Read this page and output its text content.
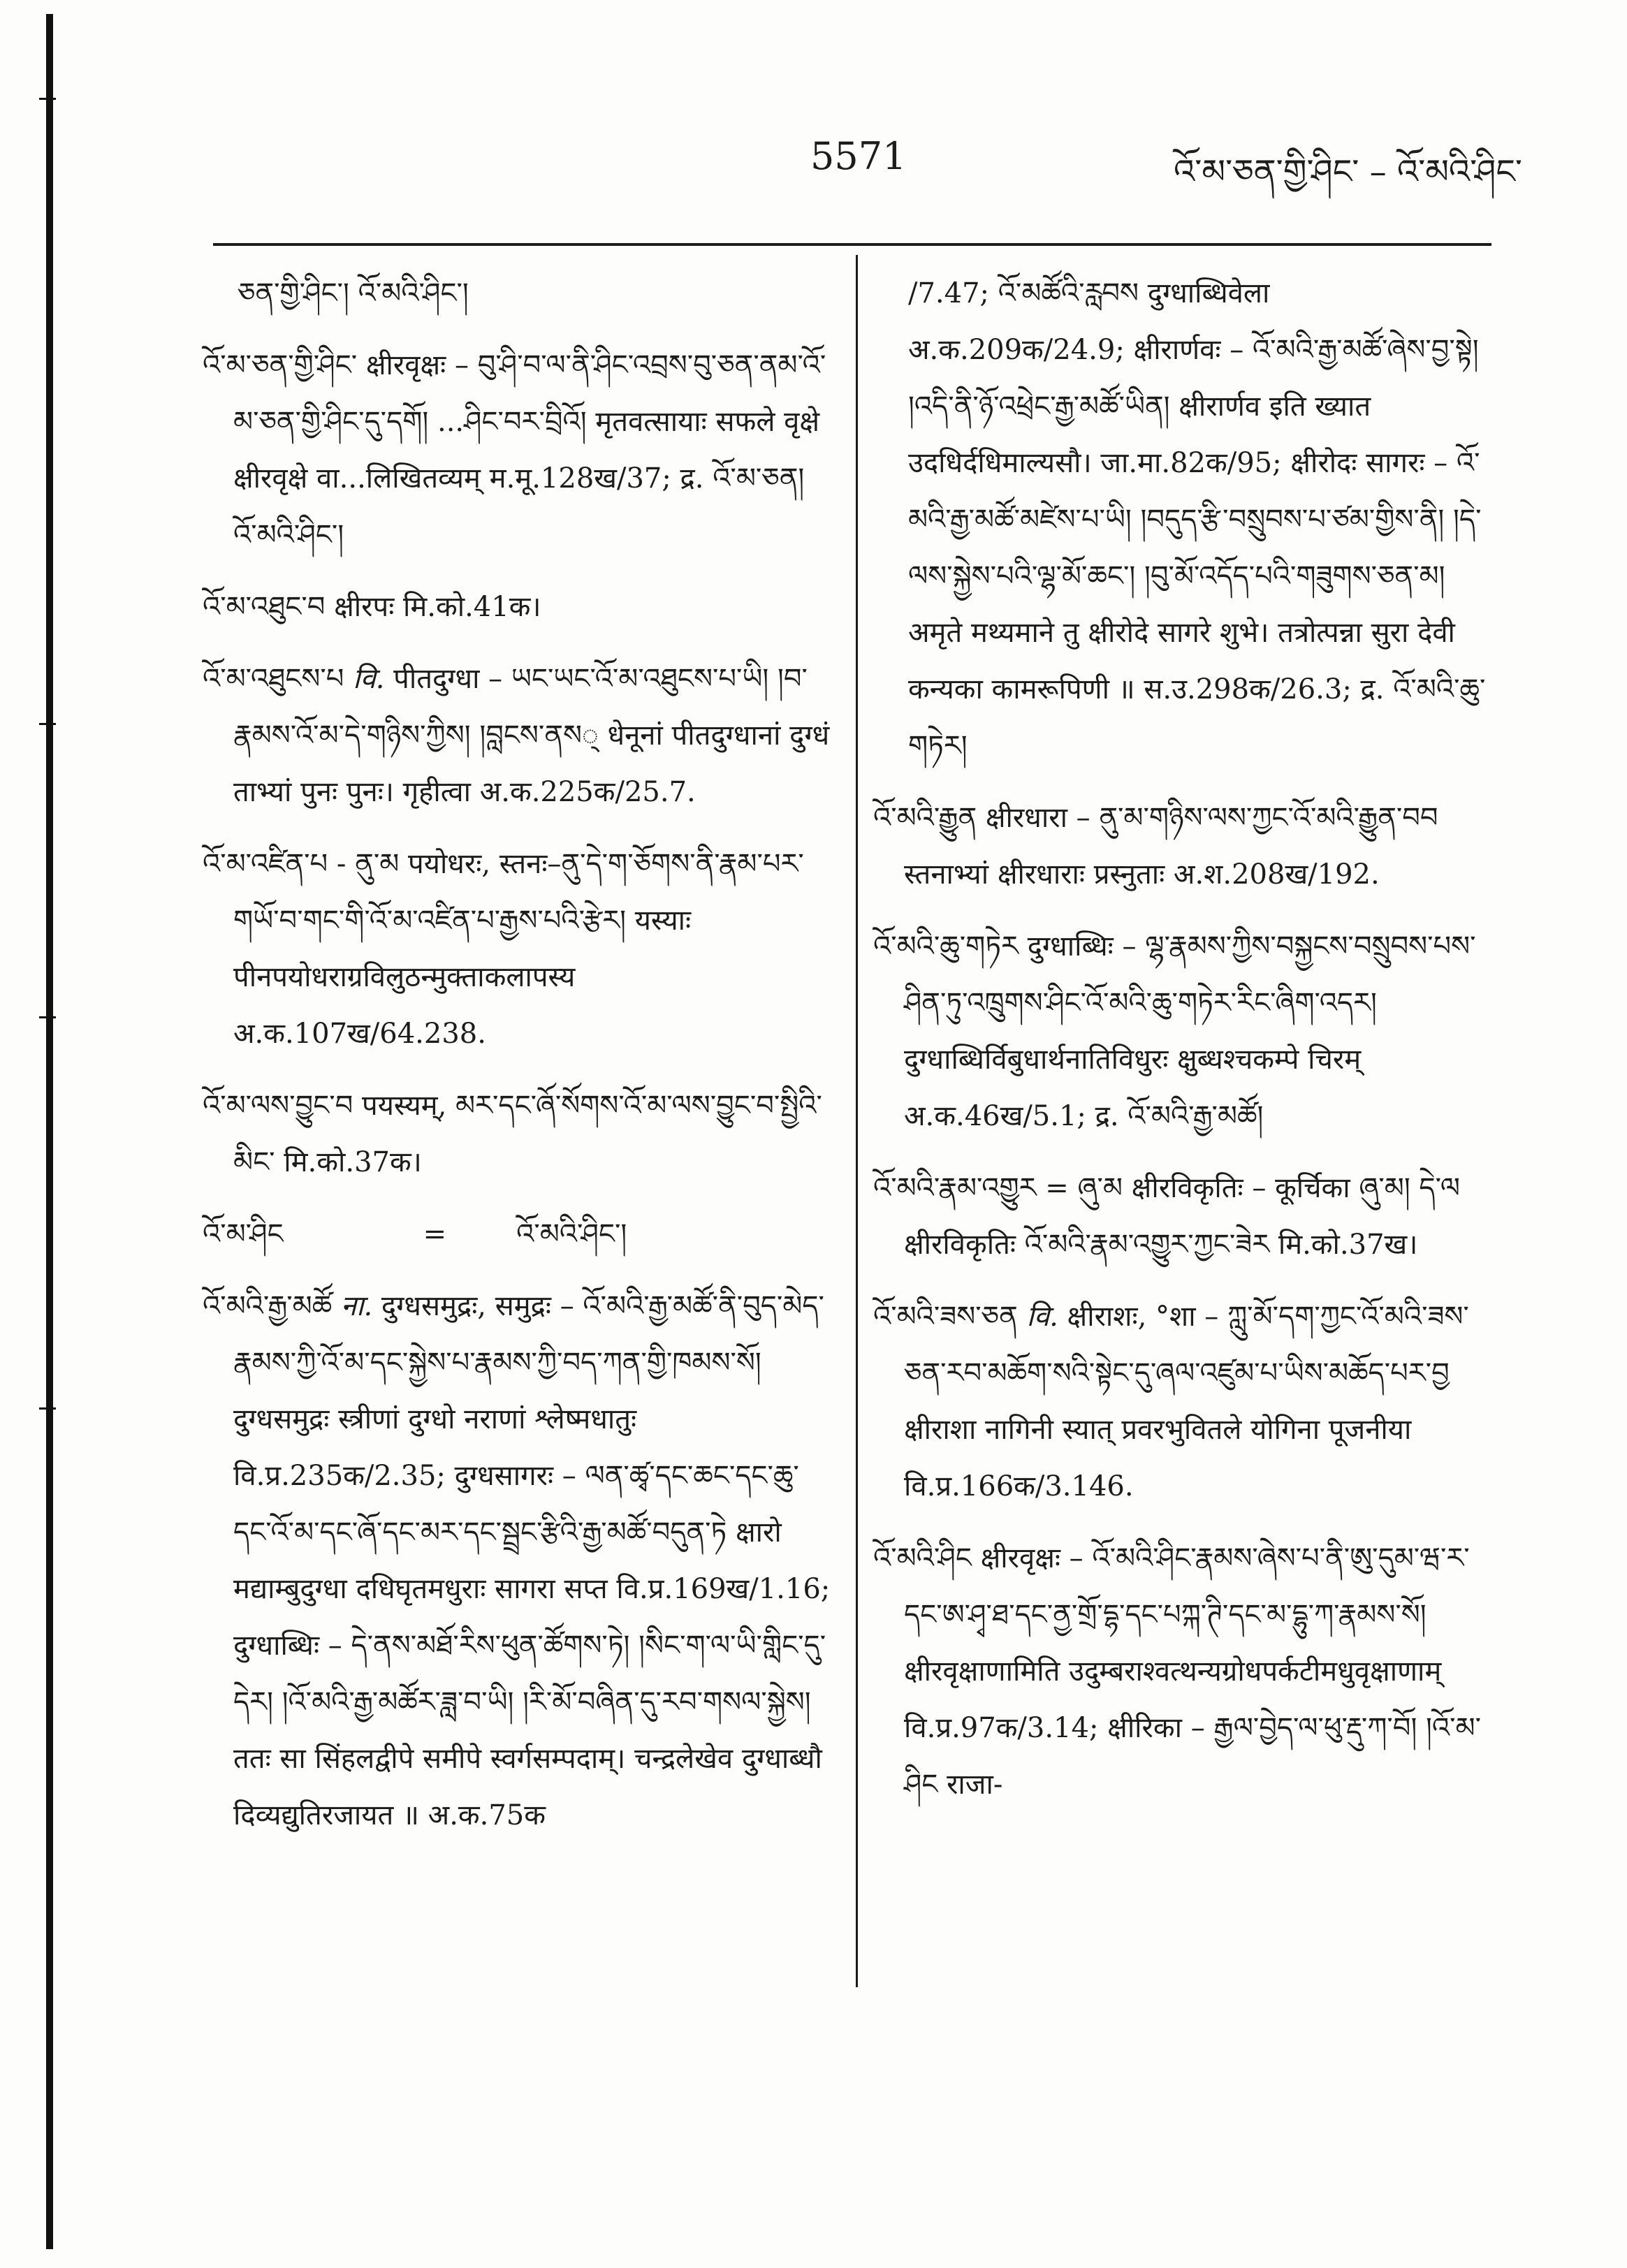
5571	འོ་མ་ཅན་གྱི་ཤིང་ – འོ་མའི་ཤིང་
ཅན་གྱི་ཤིང་། འོ་མའི་ཤིང་།
འོ་མ་ཅན་གྱི་ཤིང་ क्षीरवृक्षः – བུ་ཤི་བ་ལ་ནི་ཤིང་འབྲས་བུ་ཅན་ནམ་འོ་མ་ཅན་གྱི་ཤིང་དུ་དགོ། ...ཤིང་བར་བྲིའོ། मृतवत्सायाः सफले वृक्षे क्षीरवृक्षे वा...लिखितव्यम् म.मू.128ख/37; द्र. འོ་མ་ཅན། འོ་མའི་ཤིང་།
འོ་མ་འཐུང་བ क्षीरपः मि.को.41क।
འོ་མ་འཐུངས་པ वि. पीतदुग्धा – ཡང་ཡང་འོ་མ་འཐུངས་པ་ཡི། །བ་རྣམས་འོ་མ་དེ་གཉིས་ཀྱིས། །བླངས་ནས् धेनूनां पीतदुग्धानां दुग्धं ताभ्यां पुनः पुनः। गृहीत्वा अ.क.225क/25.7.
འོ་མ་འཛིན་པ - ནུ་མ पयोधरः, स्तनः–ནུ་དེ་ག་ཅོགས་ནི་རྣམ་པར་གཡོ་བ་གང་གི་འོ་མ་འཛིན་པ་རྒྱས་པའི་རྩེར། यस्याः पीनपयोधराग्रविलुठन्मुक्ताकलापस्य अ.क.107ख/64.238.
འོ་མ་ལས་བྱུང་བ पयस्यम्, མར་དང་ཞོ་སོགས་འོ་མ་ལས་བྱུང་བ་སྤྱིའི་མིང་ मि.को.37क।
འོ་མ་ཤིང	=	འོ་མའི་ཤིང་།
འོ་མའི་རྒྱ་མཚོ ना. दुग्धसमुद्रः, समुद्रः – འོ་མའི་རྒྱ་མཚོ་ནི་བུད་མེད་རྣམས་ཀྱི་འོ་མ་དང་སྐྱེས་པ་རྣམས་ཀྱི་བད་ཀན་གྱི་ཁམས་སོ། दुग्धसमुद्रः स्त्रीणां दुग्धो नराणां श्लेष्मधातुः वि.प्र.235क/2.35; दुग्धसागरः – ལན་ཚྭ་དང་ཆང་དང་ཆུ་དང་འོ་མ་དང་ཞོ་དང་མར་དང་སྦྲང་རྩིའི་རྒྱ་མཚོ་བདུན་ཏེ क्षारो मद्याम्बुदुग्धा दधिघृतमधुराः सागरा सप्त वि.प्र.169ख/1.16; दुग्धाब्धिः – དེ་ནས་མཐོ་རིས་ཕུན་ཚོགས་ཏེ། །སིང་ག་ལ་ཡི་གླིང་དུ་དེར། །འོ་མའི་རྒྱ་མཚོར་ཟླ་བ་ཡི། །རི་མོ་བཞིན་དུ་རབ་གསལ་སྐྱེས། ततः सा सिंहलद्वीपे समीपे स्वर्गसम्पदाम्। चन्द्रलेखेव दुग्धाब्धौ दिव्यद्युतिरजायत ॥ अ.क.75क
/7.47; འོ་མཚོའི་རླབས दुग्धाब्धिवेला अ.क.209क/24.9; क्षीरार्णवः – འོ་མའི་རྒྱ་མཚོ་ཞེས་བྱ་སྟེ། །འདི་ནི་ཉོ་འཕྲེང་རྒྱ་མཚོ་ཡིན། क्षीरार्णव इति ख्यात उदधिर्दधिमाल्यसौ। जा.मा.82क/95; क्षीरोदः सागरः – འོ་མའི་རྒྱ་མཚོ་མཛེས་པ་ཡི། །བདུད་རྩི་བསྲུབས་པ་ཙམ་གྱིས་ནི། །དེ་ལས་སྐྱེས་པའི་ལྷ་མོ་ཆང་། །བུ་མོ་འདོད་པའི་གཟུགས་ཅན་མ། अमृते मथ्यमाने तु क्षीरोदे सागरे शुभे। तत्रोत्पन्ना सुरा देवी कन्यका कामरूपिणी ॥ स.उ.298क/26.3; द्र. འོ་མའི་ཆུ་གཏེར།
འོ་མའི་རྒྱུན क्षीरधारा – ནུ་མ་གཉིས་ལས་ཀྱང་འོ་མའི་རྒྱུན་བབ स्तनाभ्यां क्षीरधाराः प्रस्नुताः अ.श.208ख/192.
འོ་མའི་ཆུ་གཏེར दुग्धाब्धिः – ལྷ་རྣམས་ཀྱིས་བསྐྱངས་བསྲུབས་པས་ཤིན་ཏུ་འཁྲུགས་ཤིང་འོ་མའི་ཆུ་གཏེར་རིང་ཞིག་འདར། दुग्धाब्धिर्विबुधार्थनातिविधुरः क्षुब्धश्चकम्पे चिरम् अ.क.46ख/5.1; द्र. འོ་མའི་རྒྱ་མཚོ།
འོ་མའི་རྣམ་འགྱུར = ཞུ་མ क्षीरविकृतिः – कूर्चिका ཞུ་མ། དེ་ལ क्षीरविकृतिः འོ་མའི་རྣམ་འགྱུར་ཀྱང་ཟེར मि.को.37ख।
འོ་མའི་ཟས་ཅན वि. क्षीराशः, °शा – ཀླུ་མོ་དག་ཀྱང་འོ་མའི་ཟས་ཅན་རབ་མཆོག་སའི་སྟེང་དུ་ཞལ་འཛུམ་པ་ཡིས་མཆོད་པར་བྱ क्षीराशा नागिनी स्यात् प्रवरभुवितले योगिना पूजनीया वि.प्र.166क/3.146.
འོ་མའི་ཤིང क्षीरवृक्षः – འོ་མའི་ཤིང་རྣམས་ཞེས་པ་ནི་ཨུ་དུམ་ཝ་ར་དང་ཨ་ཤྭ་ཐ་དང་ནྱ་གྲོ་དྷ་དང་པཀྐ་ཊི་དང་མ་དྷུ་ཀ་རྣམས་སོ། क्षीरवृक्षाणामिति उदुम्बराश्वत्थन्यग्रोधपर्कटीमधुवृक्षाणाम् वि.प्र.97क/3.14; क्षीरिका – རྒྱལ་བྱེད་ལ་ཕུ་རྡུ་ཀ་བོ། །འོ་མ་ཤིང राजा-
